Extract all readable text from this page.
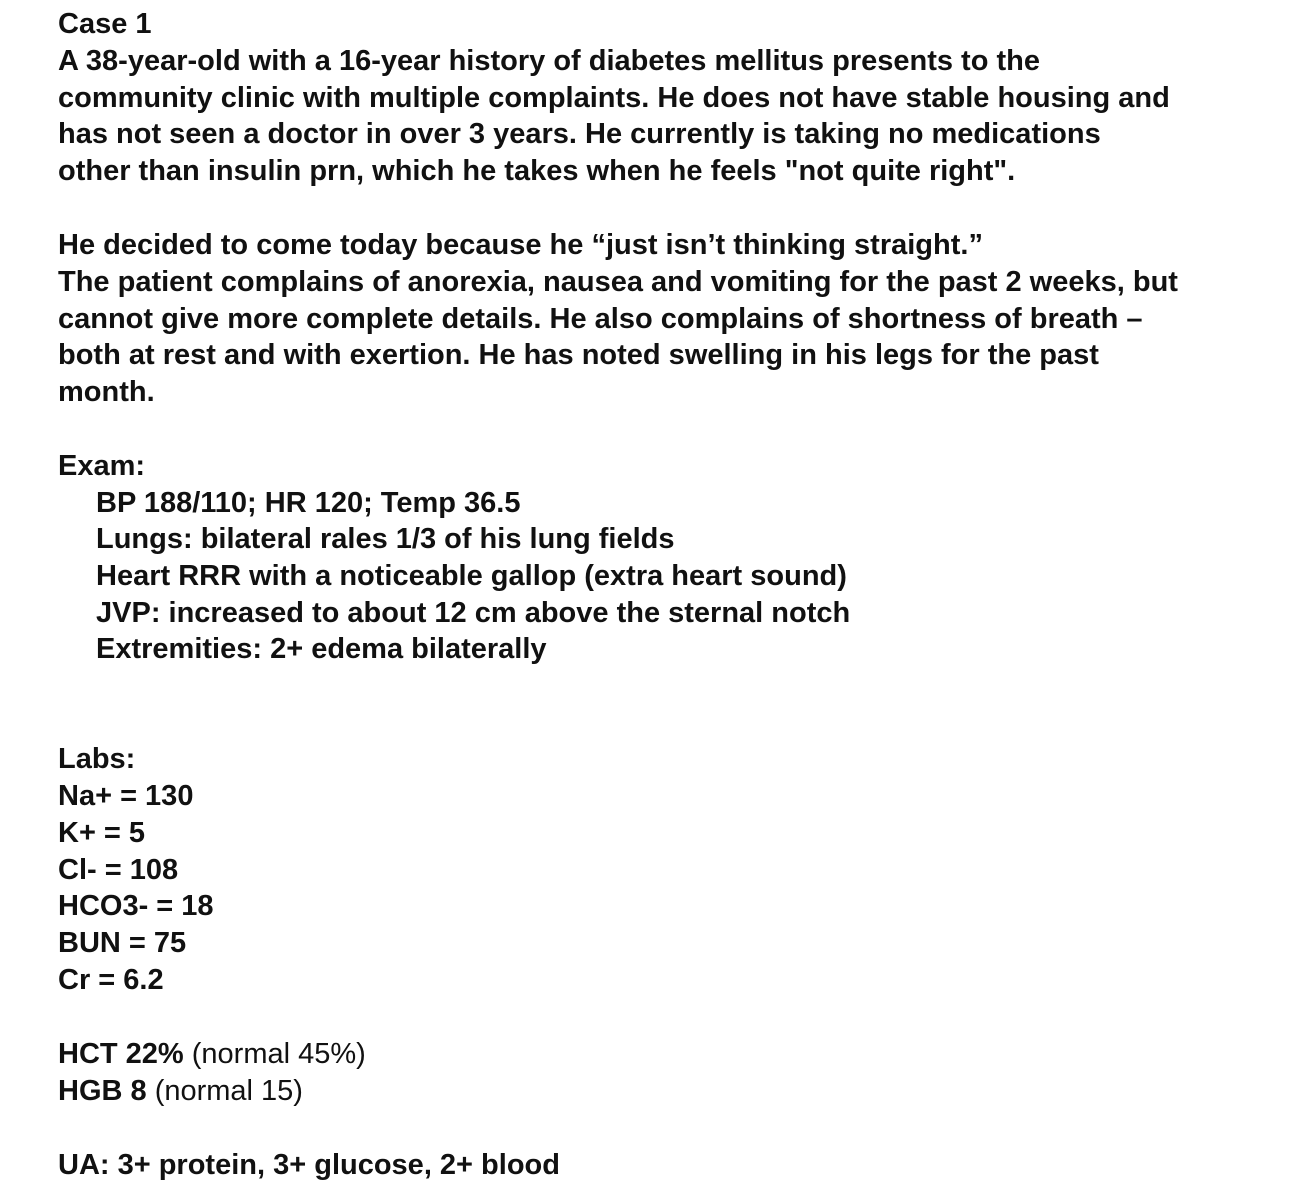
Case 1
A 38-year-old with a 16-year history of diabetes mellitus presents to the
community clinic with multiple complaints. He does not have stable housing and
has not seen a doctor in over 3 years. He currently is taking no medications
other than insulin prn, which he takes when he feels "not quite right".
He decided to come today because he “just isn’t thinking straight.”
The patient complains of anorexia, nausea and vomiting for the past 2 weeks, but
cannot give more complete details. He also complains of shortness of breath –
both at rest and with exertion. He has noted swelling in his legs for the past
month.
Exam:
BP 188/110; HR 120; Temp 36.5
Lungs: bilateral rales 1/3 of his lung fields
Heart RRR with a noticeable gallop (extra heart sound)
JVP: increased to about 12 cm above the sternal notch
Extremities: 2+ edema bilaterally
Labs:
Na+ = 130
K+ = 5
Cl- = 108
HCO3- = 18
BUN = 75
Cr = 6.2
HCT 22% (normal 45%)
HGB 8 (normal 15)
UA: 3+ protein, 3+ glucose, 2+ blood
